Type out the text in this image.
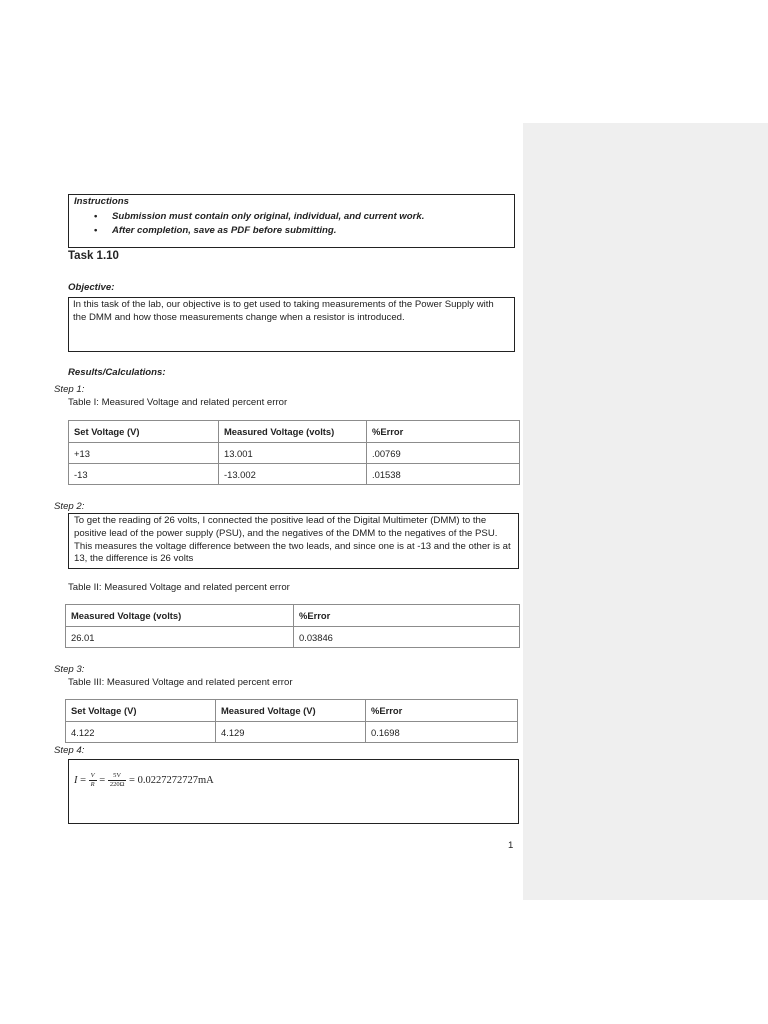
Instructions
• Submission must contain only original, individual, and current work.
• After completion, save as PDF before submitting.
Task 1.10
Objective:
In this task of the lab, our objective is to get used to taking measurements of the Power Supply with
the DMM and how those measurements change when a resistor is introduced.
Results/Calculations:
Step 1:
Table I: Measured Voltage and related percent error
Set Voltage (V)	Measured Voltage (volts)	%Error
+13	13.001	.00769
-13	-13.002	.01538
Step 2:
To get the reading of 26 volts, I connected the positive lead of the Digital Multimeter (DMM) to the
positive lead of the power supply (PSU), and the negatives of the DMM to the negatives of the PSU.
This measures the voltage difference between the two leads, and since one is at -13 and the other is at
13, the difference is 26 volts
Table II: Measured Voltage and related percent error
Measured Voltage (volts)	%Error
26.01	0.03846
Step 3:
Table III: Measured Voltage and related percent error
Set Voltage (V)	Measured Voltage (V)	%Error
4.122	4.129	0.1698
Step 4:
$I = \frac{V}{R} = \frac{5V}{220\Omega} = 0.0227272727mA$
1
